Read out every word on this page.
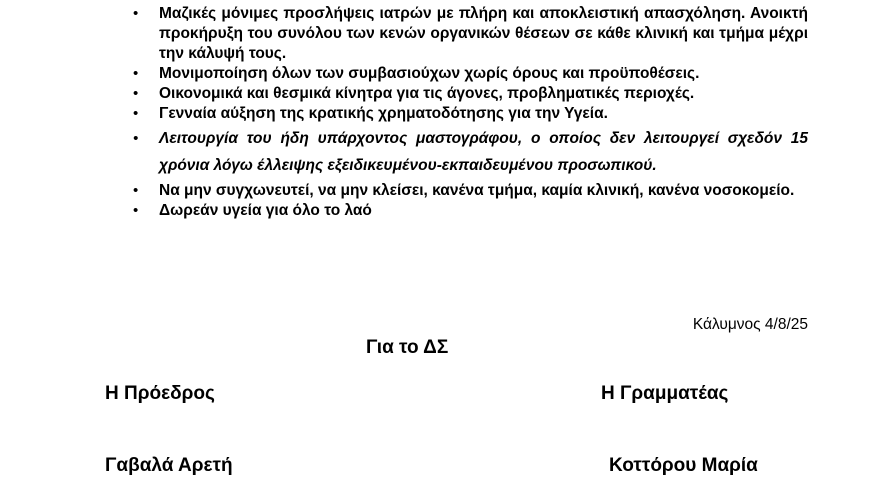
• Μαζικές μόνιμες προσλήψεις ιατρών με πλήρη και αποκλειστική απασχόληση. Ανοικτή προκήρυξη του συνόλου των κενών οργανικών θέσεων σε κάθε κλινική και τμήμα μέχρι την κάλυψή τους.
• Μονιμοποίηση όλων των συμβασιούχων χωρίς όρους και προϋποθέσεις.
• Οικονομικά και θεσμικά κίνητρα για τις άγονες, προβληματικές περιοχές.
• Γενναία αύξηση της κρατικής χρηματοδότησης για την Υγεία.
• Λειτουργία του ήδη υπάρχοντος μαστογράφου, ο οποίος δεν λειτουργεί σχεδόν 15 χρόνια λόγω έλλειψης εξειδικευμένου-εκπαιδευμένου προσωπικού.
• Να μην συγχωνευτεί, να μην κλείσει, κανένα τμήμα, καμία κλινική, κανένα νοσοκομείο.
• Δωρεάν υγεία για όλο το λαό
Κάλυμνος 4/8/25
Για το ΔΣ
Η Πρόεδρος	Η Γραμματέας
Γαβαλά Αρετή	Κοττόρου Μαρία
